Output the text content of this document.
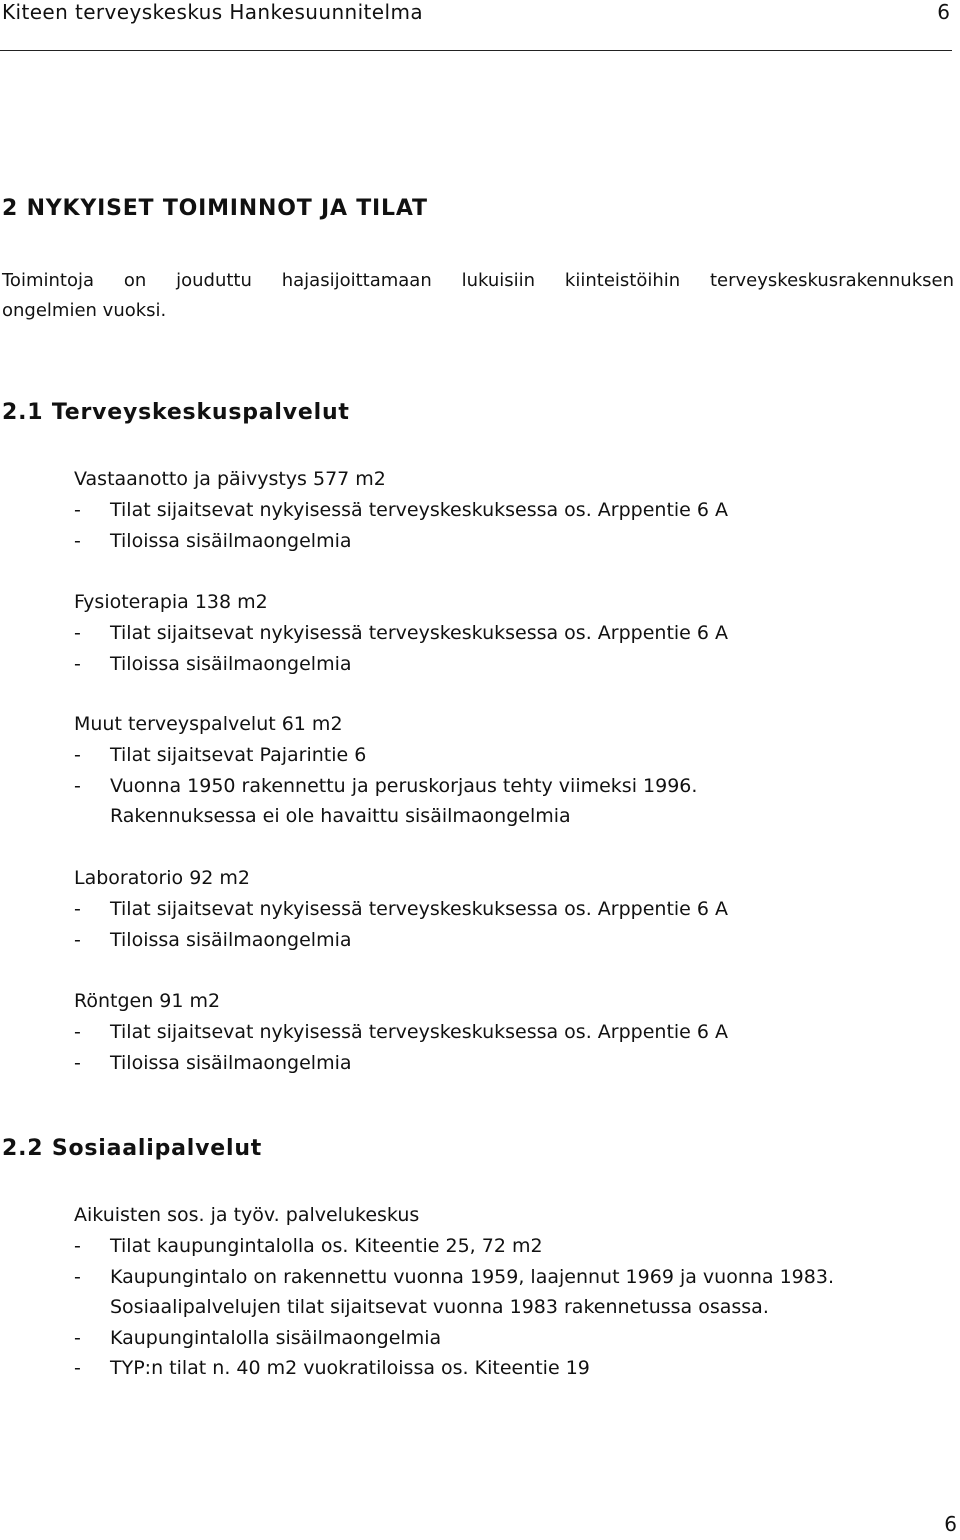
Kiteen terveyskeskus Hankesuunnitelma	6
2 NYKYISET TOIMINNOT JA TILAT
Toimintoja on jouduttu hajasijoittamaan lukuisiin kiinteistöihin terveyskeskusrakennuksen
ongelmien vuoksi.
2.1 Terveyskeskuspalvelut
Vastaanotto ja päivystys 577 m2
- Tilat sijaitsevat nykyisessä terveyskeskuksessa os. Arppentie 6 A
- Tiloissa sisäilmaongelmia
Fysioterapia 138 m2
- Tilat sijaitsevat nykyisessä terveyskeskuksessa os. Arppentie 6 A
- Tiloissa sisäilmaongelmia
Muut terveyspalvelut 61 m2
- Tilat sijaitsevat Pajarintie 6
- Vuonna 1950 rakennettu ja peruskorjaus tehty viimeksi 1996.
Rakennuksessa ei ole havaittu sisäilmaongelmia
Laboratorio 92 m2
- Tilat sijaitsevat nykyisessä terveyskeskuksessa os. Arppentie 6 A
- Tiloissa sisäilmaongelmia
Röntgen 91 m2
- Tilat sijaitsevat nykyisessä terveyskeskuksessa os. Arppentie 6 A
- Tiloissa sisäilmaongelmia
2.2 Sosiaalipalvelut
Aikuisten sos. ja työv. palvelukeskus
- Tilat kaupungintalolla os. Kiteentie 25, 72 m2
- Kaupungintalo on rakennettu vuonna 1959, laajennut 1969 ja vuonna 1983.
Sosiaalipalvelujen tilat sijaitsevat vuonna 1983 rakennetussa osassa.
- Kaupungintalolla sisäilmaongelmia
- TYP:n tilat n. 40 m2 vuokratiloissa os. Kiteentie 19
6
